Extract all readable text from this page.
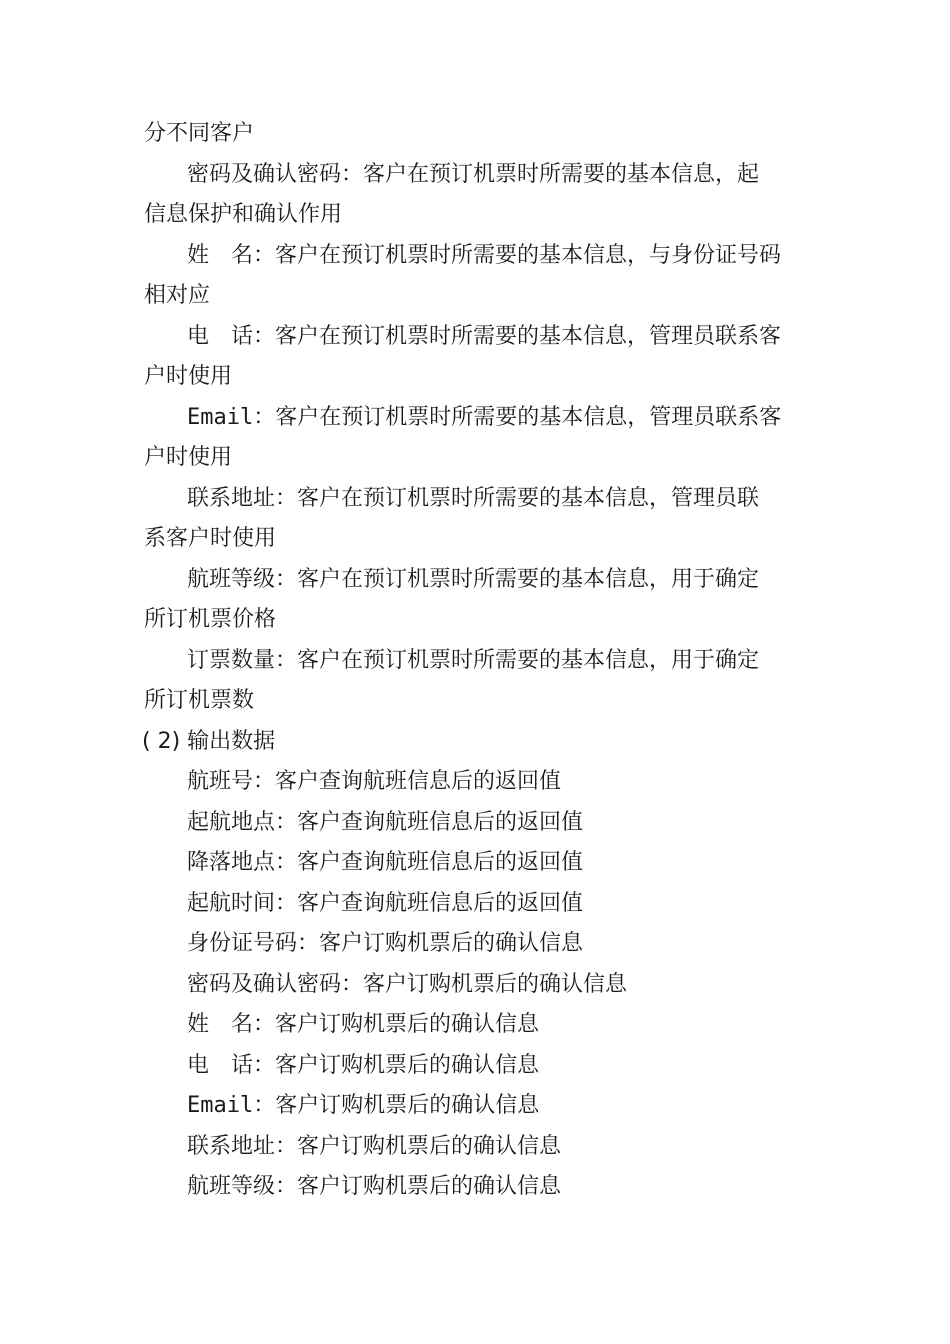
分不同客户
密码及确认密码：客户在预订机票时所需要的基本信息，起
信息保护和确认作用
姓　名：客户在预订机票时所需要的基本信息，与身份证号码
相对应
电　话：客户在预订机票时所需要的基本信息，管理员联系客
户时使用
Email：客户在预订机票时所需要的基本信息，管理员联系客
户时使用
联系地址：客户在预订机票时所需要的基本信息，管理员联
系客户时使用
航班等级：客户在预订机票时所需要的基本信息，用于确定
所订机票价格
订票数量：客户在预订机票时所需要的基本信息，用于确定
所订机票数
( 2) 输出数据
航班号：客户查询航班信息后的返回值
起航地点：客户查询航班信息后的返回值
降落地点：客户查询航班信息后的返回值
起航时间：客户查询航班信息后的返回值
身份证号码：客户订购机票后的确认信息
密码及确认密码：客户订购机票后的确认信息
姓　名：客户订购机票后的确认信息
电　话：客户订购机票后的确认信息
Email：客户订购机票后的确认信息
联系地址：客户订购机票后的确认信息
航班等级：客户订购机票后的确认信息
